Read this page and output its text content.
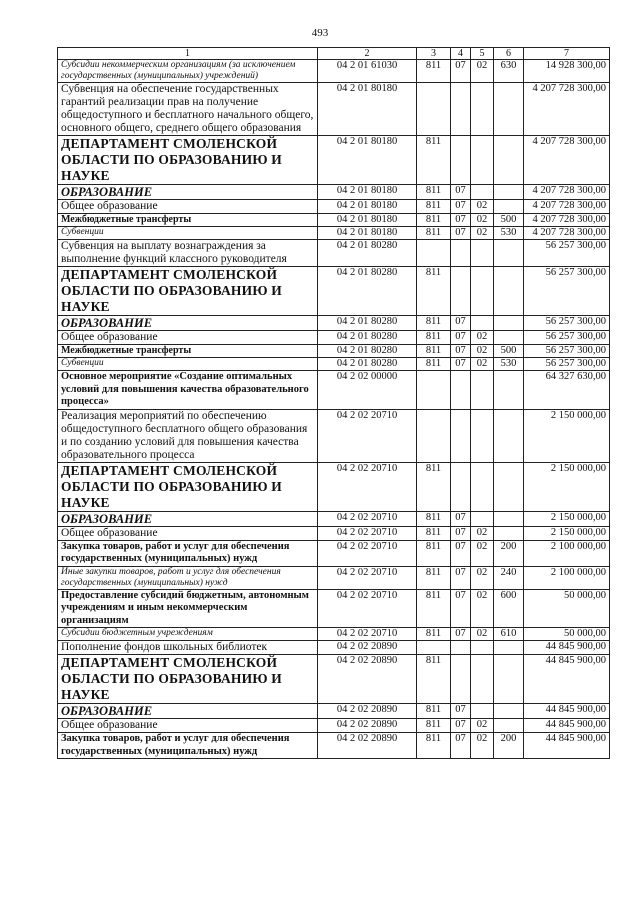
493
1	2	3	4	5	6	7
Субсидии некоммерческим организациям (за исключением государственных (муниципальных) учреждений)	04 2 01 61030	811	07	02	630	14 928 300,00
Субвенция на обеспечение государственных гарантий реализации прав на получение общедоступного и бесплатного начального общего, основного общего, среднего общего образования	04 2 01 80180					4 207 728 300,00
ДЕПАРТАМЕНТ СМОЛЕНСКОЙ ОБЛАСТИ ПО ОБРАЗОВАНИЮ И НАУКЕ	04 2 01 80180	811				4 207 728 300,00
ОБРАЗОВАНИЕ	04 2 01 80180	811	07			4 207 728 300,00
Общее образование	04 2 01 80180	811	07	02		4 207 728 300,00
Межбюджетные трансферты	04 2 01 80180	811	07	02	500	4 207 728 300,00
Субвенции	04 2 01 80180	811	07	02	530	4 207 728 300,00
Субвенция на выплату вознаграждения за выполнение функций классного руководителя	04 2 01 80280					56 257 300,00
ДЕПАРТАМЕНТ СМОЛЕНСКОЙ ОБЛАСТИ ПО ОБРАЗОВАНИЮ И НАУКЕ	04 2 01 80280	811				56 257 300,00
ОБРАЗОВАНИЕ	04 2 01 80280	811	07			56 257 300,00
Общее образование	04 2 01 80280	811	07	02		56 257 300,00
Межбюджетные трансферты	04 2 01 80280	811	07	02	500	56 257 300,00
Субвенции	04 2 01 80280	811	07	02	530	56 257 300,00
Основное мероприятие «Создание оптимальных условий для повышения качества образовательного процесса»	04 2 02 00000					64 327 630,00
Реализация мероприятий по обеспечению общедоступного бесплатного общего образования и по созданию условий для повышения качества образовательного процесса	04 2 02 20710					2 150 000,00
ДЕПАРТАМЕНТ СМОЛЕНСКОЙ ОБЛАСТИ ПО ОБРАЗОВАНИЮ И НАУКЕ	04 2 02 20710	811				2 150 000,00
ОБРАЗОВАНИЕ	04 2 02 20710	811	07			2 150 000,00
Общее образование	04 2 02 20710	811	07	02		2 150 000,00
Закупка товаров, работ и услуг для обеспечения государственных (муниципальных) нужд	04 2 02 20710	811	07	02	200	2 100 000,00
Иные закупки товаров, работ и услуг для обеспечения государственных (муниципальных) нужд	04 2 02 20710	811	07	02	240	2 100 000,00
Предоставление субсидий бюджетным, автономным учреждениям и иным некоммерческим организациям	04 2 02 20710	811	07	02	600	50 000,00
Субсидии бюджетным учреждениям	04 2 02 20710	811	07	02	610	50 000,00
Пополнение фондов школьных библиотек	04 2 02 20890					44 845 900,00
ДЕПАРТАМЕНТ СМОЛЕНСКОЙ ОБЛАСТИ ПО ОБРАЗОВАНИЮ И НАУКЕ	04 2 02 20890	811				44 845 900,00
ОБРАЗОВАНИЕ	04 2 02 20890	811	07			44 845 900,00
Общее образование	04 2 02 20890	811	07	02		44 845 900,00
Закупка товаров, работ и услуг для обеспечения государственных (муниципальных) нужд	04 2 02 20890	811	07	02	200	44 845 900,00
